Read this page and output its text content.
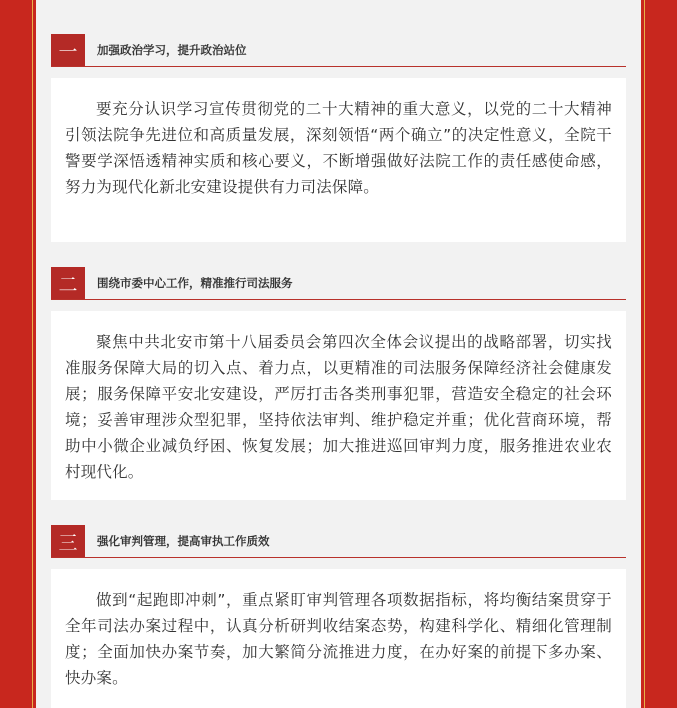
一	加强政治学习，提升政治站位

要充分认识学习宣传贯彻党的二十大精神的重大意义，以党的二十大精神引领法院争先进位和高质量发展，深刻领悟“两个确立”的决定性意义，全院干警要学深悟透精神实质和核心要义，不断增强做好法院工作的责任感使命感，努力为现代化新北安建设提供有力司法保障。

二	围绕市委中心工作，精准推行司法服务

聚焦中共北安市第十八届委员会第四次全体会议提出的战略部署，切实找准服务保障大局的切入点、着力点，以更精准的司法服务保障经济社会健康发展；服务保障平安北安建设，严厉打击各类刑事犯罪，营造安全稳定的社会环境；妥善审理涉众型犯罪，坚持依法审判、维护稳定并重；优化营商环境，帮助中小微企业减负纾困、恢复发展；加大推进巡回审判力度，服务推进农业农村现代化。

三	强化审判管理，提高审执工作质效

做到“起跑即冲刺”，重点紧盯审判管理各项数据指标，将均衡结案贯穿于全年司法办案过程中，认真分析研判收结案态势，构建科学化、精细化管理制度；全面加快办案节奏，加大繁简分流推进力度，在办好案的前提下多办案、快办案。
